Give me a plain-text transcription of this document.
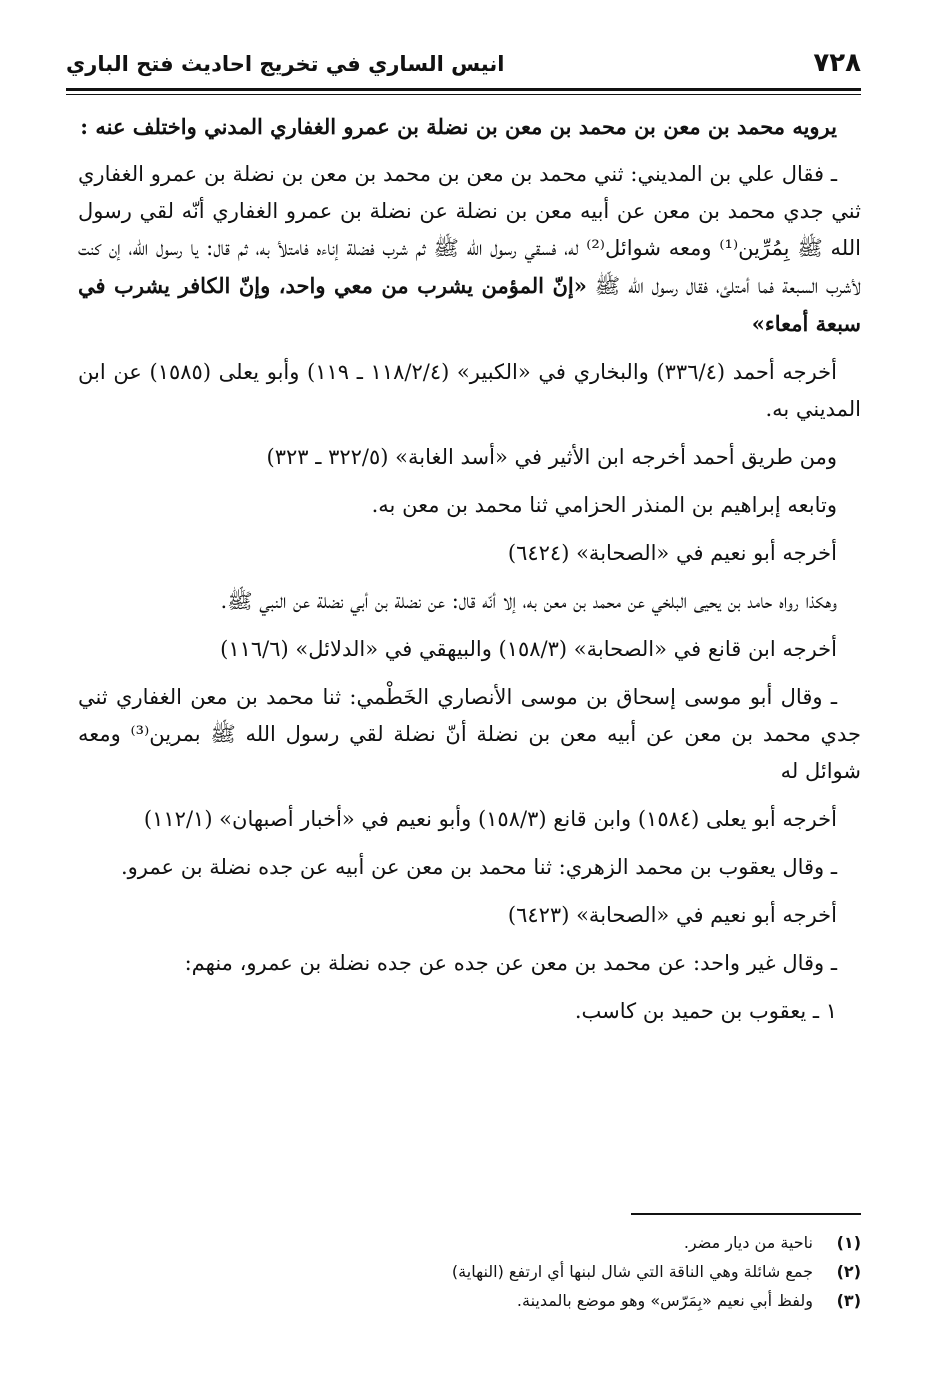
٧٢٨
انيس الساري في تخريج احاديث فتح الباري

يرويه محمد بن معن بن محمد بن معن بن نضلة بن عمرو الغفاري المدني واختلف عنه :

ـ فقال علي بن المديني: ثني محمد بن معن بن محمد بن معن بن نضلة بن عمرو الغفاري ثني جدي محمد بن معن عن أبيه معن بن نضلة عن نضلة بن عمرو الغفاري أنّه لقي رسول الله ﷺ بِمُرِّين⁽¹⁾ ومعه شوائل⁽²⁾ له، فسقي رسول الله ﷺ ثم شرب فضلة إناءه فامتلأ به، ثم قال: يا رسول الله، إن كنت لأشرب السبعة فما أمتلئ، فقال رسول الله ﷺ «إنّ المؤمن يشرب من معي واحد، وإنّ الكافر يشرب في سبعة أمعاء»

أخرجه أحمد (٣٣٦/٤) والبخاري في «الكبير» (١١٨/٢/٤ ـ ١١٩) وأبو يعلى (١٥٨٥) عن ابن المديني به.

ومن طريق أحمد أخرجه ابن الأثير في «أسد الغابة» (٣٢٢/٥ ـ ٣٢٣)

وتابعه إبراهيم بن المنذر الحزامي ثنا محمد بن معن به.

أخرجه أبو نعيم في «الصحابة» (٦٤٢٤)

وهكذا رواه حامد بن يحيى البلخي عن محمد بن معن به، إلا أنّه قال: عن نضلة بن أبي نضلة عن النبي ﷺ.

أخرجه ابن قانع في «الصحابة» (١٥٨/٣) والبيهقي في «الدلائل» (١١٦/٦)

ـ وقال أبو موسى إسحاق بن موسى الأنصاري الخَطْمي: ثنا محمد بن معن الغفاري ثني جدي محمد بن معن عن أبيه معن بن نضلة أنّ نضلة لقي رسول الله ﷺ بمرين⁽³⁾ ومعه شوائل له

أخرجه أبو يعلى (١٥٨٤) وابن قانع (١٥٨/٣) وأبو نعيم في «أخبار أصبهان» (١١٢/١)

ـ وقال يعقوب بن محمد الزهري: ثنا محمد بن معن عن أبيه عن جده نضلة بن عمرو.

أخرجه أبو نعيم في «الصحابة» (٦٤٢٣)

ـ وقال غير واحد: عن محمد بن معن عن جده عن جده نضلة بن عمرو، منهم:

١ ـ يعقوب بن حميد بن كاسب.

(١)
ناحية من ديار مضر.
(٢)
جمع شائلة وهي الناقة التي شال لبنها أي ارتفع (النهاية)
(٣)
ولفظ أبي نعيم «بِمَرّس» وهو موضع بالمدينة.
